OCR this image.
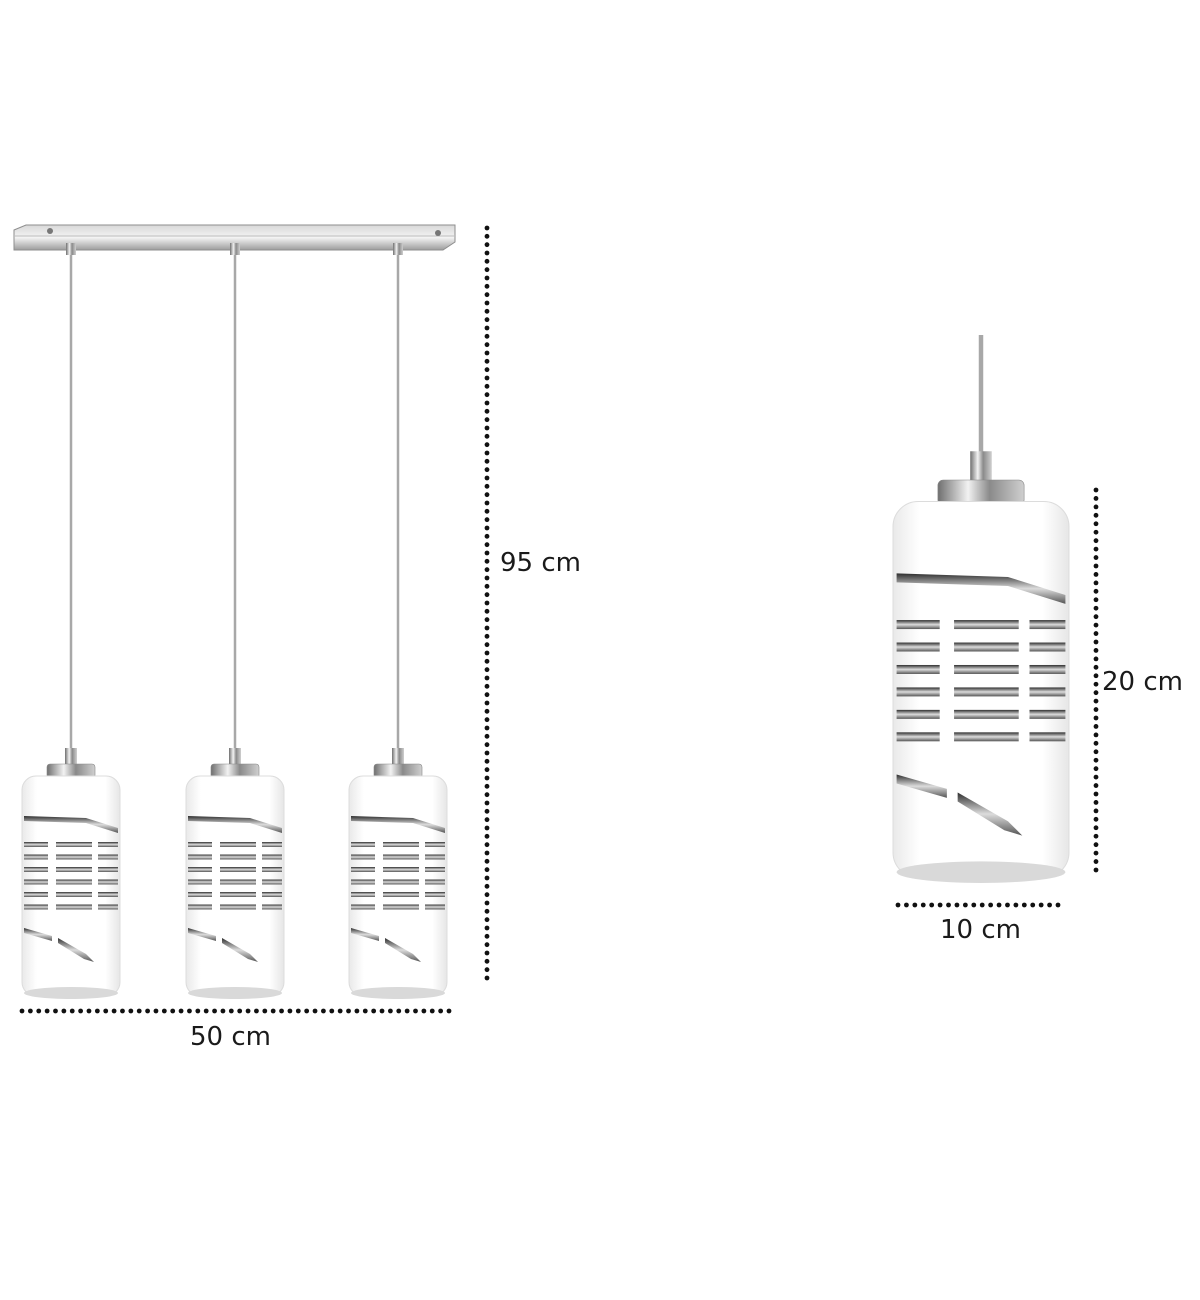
95 cm
50 cm
20 cm
10 cm
